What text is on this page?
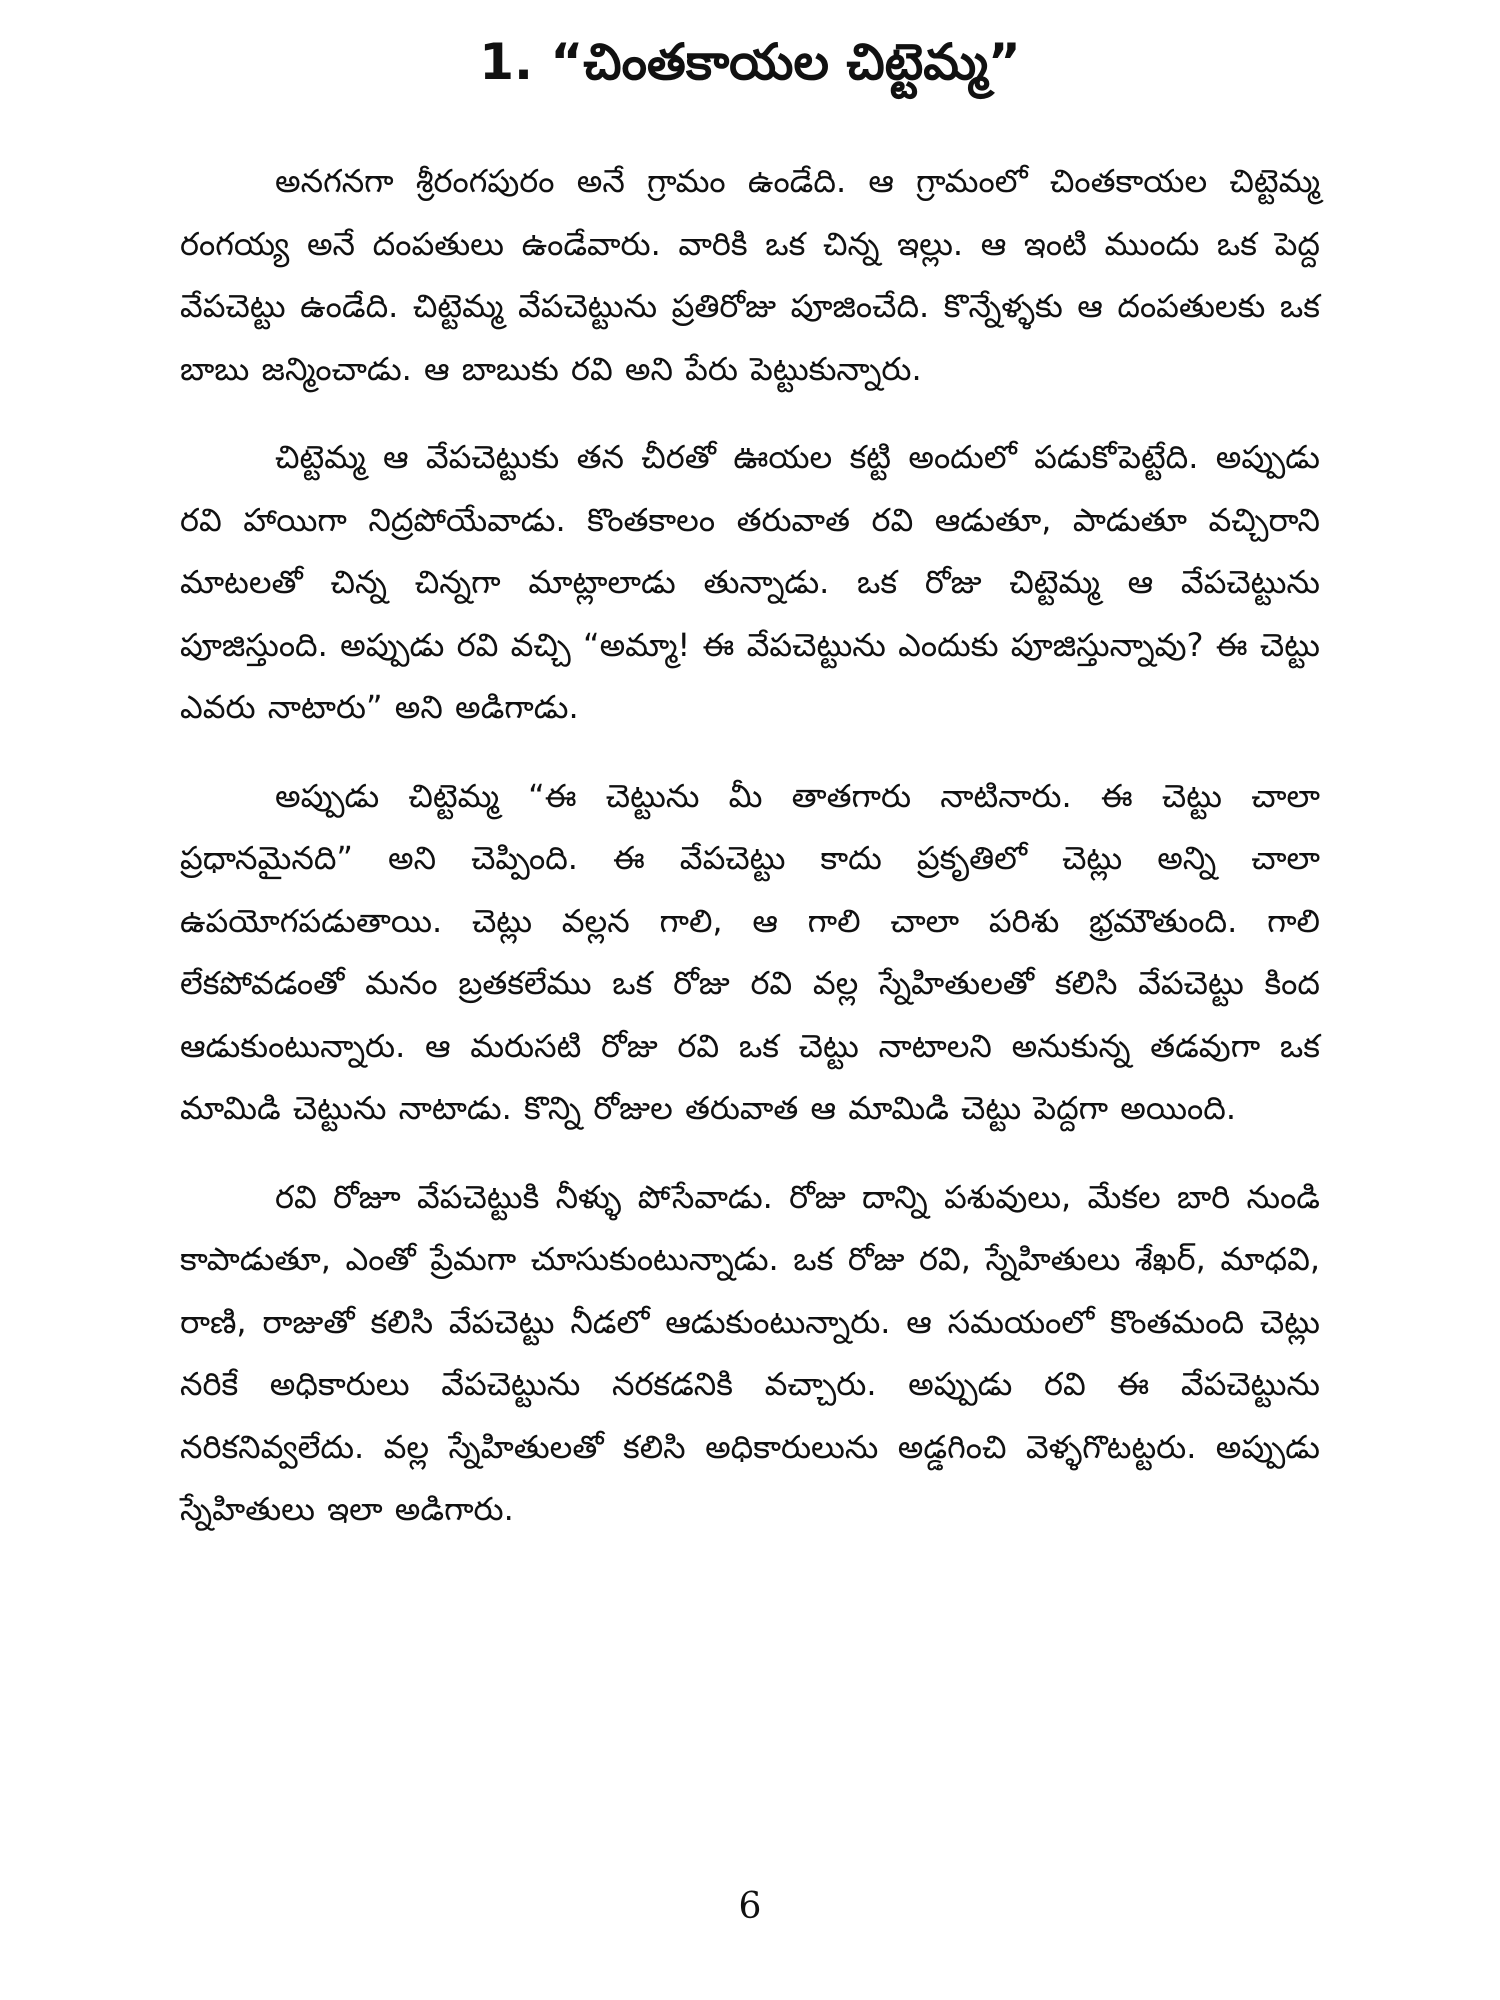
1. “చింతకాయల చిట్టెమ్మ”

అనగనగా శ్రీరంగపురం అనే గ్రామం ఉండేది. ఆ గ్రామంలో చింతకాయల చిట్టెమ్మ రంగయ్య అనే దంపతులు ఉండేవారు. వారికి ఒక చిన్న ఇల్లు. ఆ ఇంటి ముందు ఒక పెద్ద వేపచెట్టు ఉండేది. చిట్టెమ్మ వేపచెట్టును ప్రతిరోజు పూజించేది. కొన్నేళ్ళకు ఆ దంపతులకు ఒక బాబు జన్మించాడు. ఆ బాబుకు రవి అని పేరు పెట్టుకున్నారు.

చిట్టెమ్మ ఆ వేపచెట్టుకు తన చీరతో ఊయల కట్టి అందులో పడుకోపెట్టేది. అప్పుడు రవి హాయిగా నిద్రపోయేవాడు. కొంతకాలం తరువాత రవి ఆడుతూ, పాడుతూ వచ్చిరాని మాటలతో చిన్న చిన్నగా మాట్లాలాడు తున్నాడు. ఒక రోజు చిట్టెమ్మ ఆ వేపచెట్టును పూజిస్తుంది. అప్పుడు రవి వచ్చి “అమ్మా! ఈ వేపచెట్టును ఎందుకు పూజిస్తున్నావు? ఈ చెట్టు ఎవరు నాటారు” అని అడిగాడు.

అప్పుడు చిట్టెమ్మ “ఈ చెట్టును మీ తాతగారు నాటినారు. ఈ చెట్టు చాలా ప్రధానమైనది” అని చెప్పింది. ఈ వేపచెట్టు కాదు ప్రకృతిలో చెట్లు అన్ని చాలా ఉపయోగపడుతాయి. చెట్లు వల్లన గాలి, ఆ గాలి చాలా పరిశు భ్రమౌతుంది. గాలి లేకపోవడంతో మనం బ్రతకలేము ఒక రోజు రవి వల్ల స్నేహితులతో కలిసి వేపచెట్టు కింద ఆడుకుంటున్నారు. ఆ మరుసటి రోజు రవి ఒక చెట్టు నాటాలని అనుకున్న తడవుగా ఒక మామిడి చెట్టును నాటాడు. కొన్ని రోజుల తరువాత ఆ మామిడి చెట్టు పెద్దగా అయింది.

రవి రోజూ వేపచెట్టుకి నీళ్ళు పోసేవాడు. రోజు దాన్ని పశువులు, మేకల బారి నుండి కాపాడుతూ, ఎంతో ప్రేమగా చూసుకుంటున్నాడు. ఒక రోజు రవి, స్నేహితులు శేఖర్, మాధవి, రాణి, రాజుతో కలిసి వేపచెట్టు నీడలో ఆడుకుంటున్నారు. ఆ సమయంలో కొంతమంది చెట్లు నరికే అధికారులు వేపచెట్టును నరకడనికి వచ్చారు. అప్పుడు రవి ఈ వేపచెట్టును నరికనివ్వలేదు. వల్ల స్నేహితులతో కలిసి అధికారులును అడ్డగించి వెళ్ళగొటట్టరు. అప్పుడు స్నేహితులు ఇలా అడిగారు.

6
